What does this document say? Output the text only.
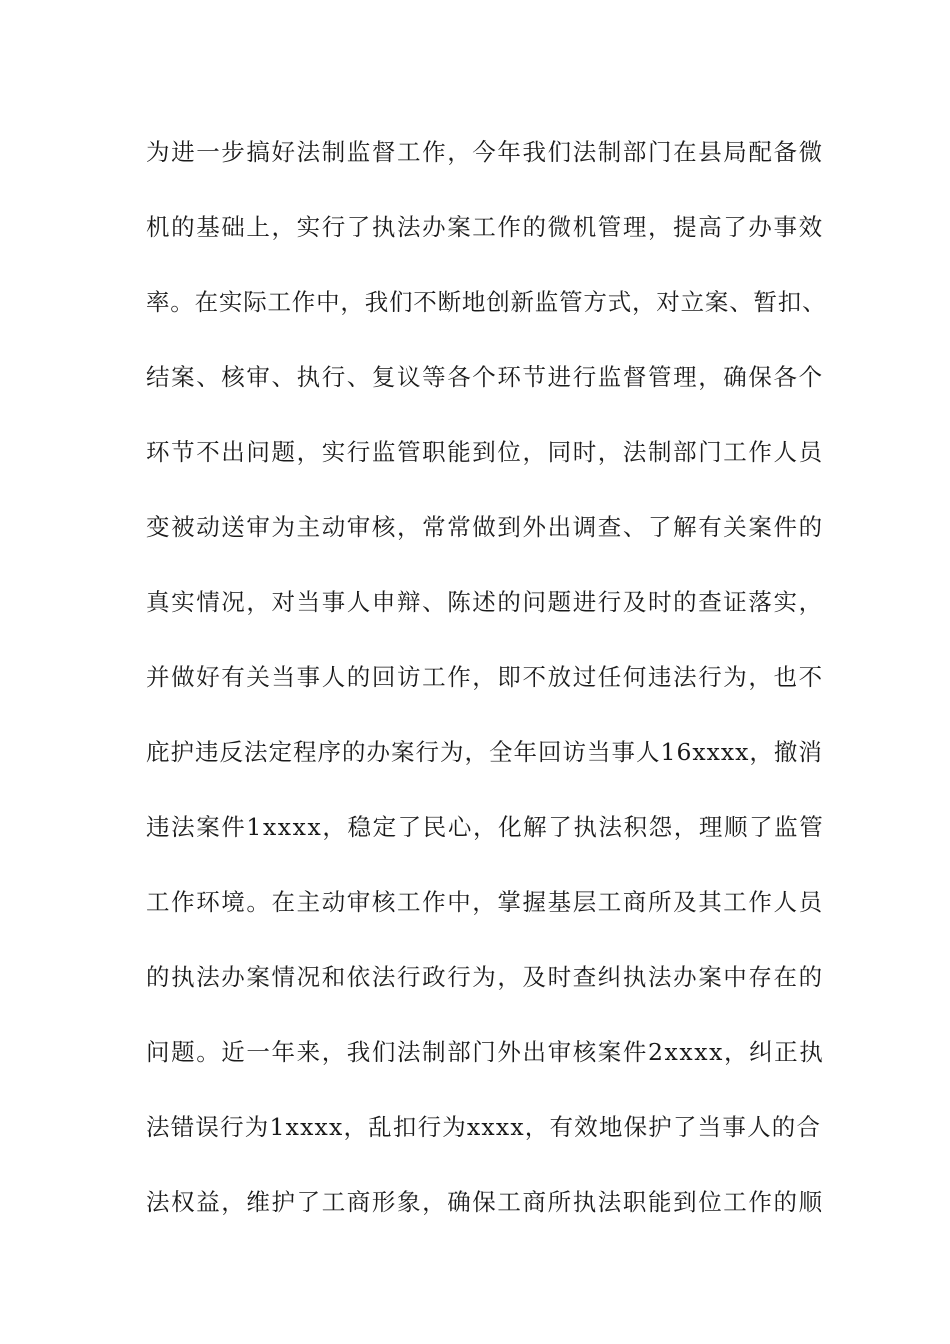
为进一步搞好法制监督工作，今年我们法制部门在县局配备微
机的基础上，实行了执法办案工作的微机管理，提高了办事效
率。在实际工作中，我们不断地创新监管方式，对立案、暂扣、
结案、核审、执行、复议等各个环节进行监督管理，确保各个
环节不出问题，实行监管职能到位，同时，法制部门工作人员
变被动送审为主动审核，常常做到外出调查、了解有关案件的
真实情况，对当事人申辩、陈述的问题进行及时的查证落实，
并做好有关当事人的回访工作，即不放过任何违法行为，也不
庇护违反法定程序的办案行为，全年回访当事人16xxxx，撤消
违法案件1xxxx，稳定了民心，化解了执法积怨，理顺了监管
工作环境。在主动审核工作中，掌握基层工商所及其工作人员
的执法办案情况和依法行政行为，及时查纠执法办案中存在的
问题。近一年来，我们法制部门外出审核案件2xxxx，纠正执
法错误行为1xxxx，乱扣行为xxxx，有效地保护了当事人的合
法权益，维护了工商形象，确保工商所执法职能到位工作的顺
